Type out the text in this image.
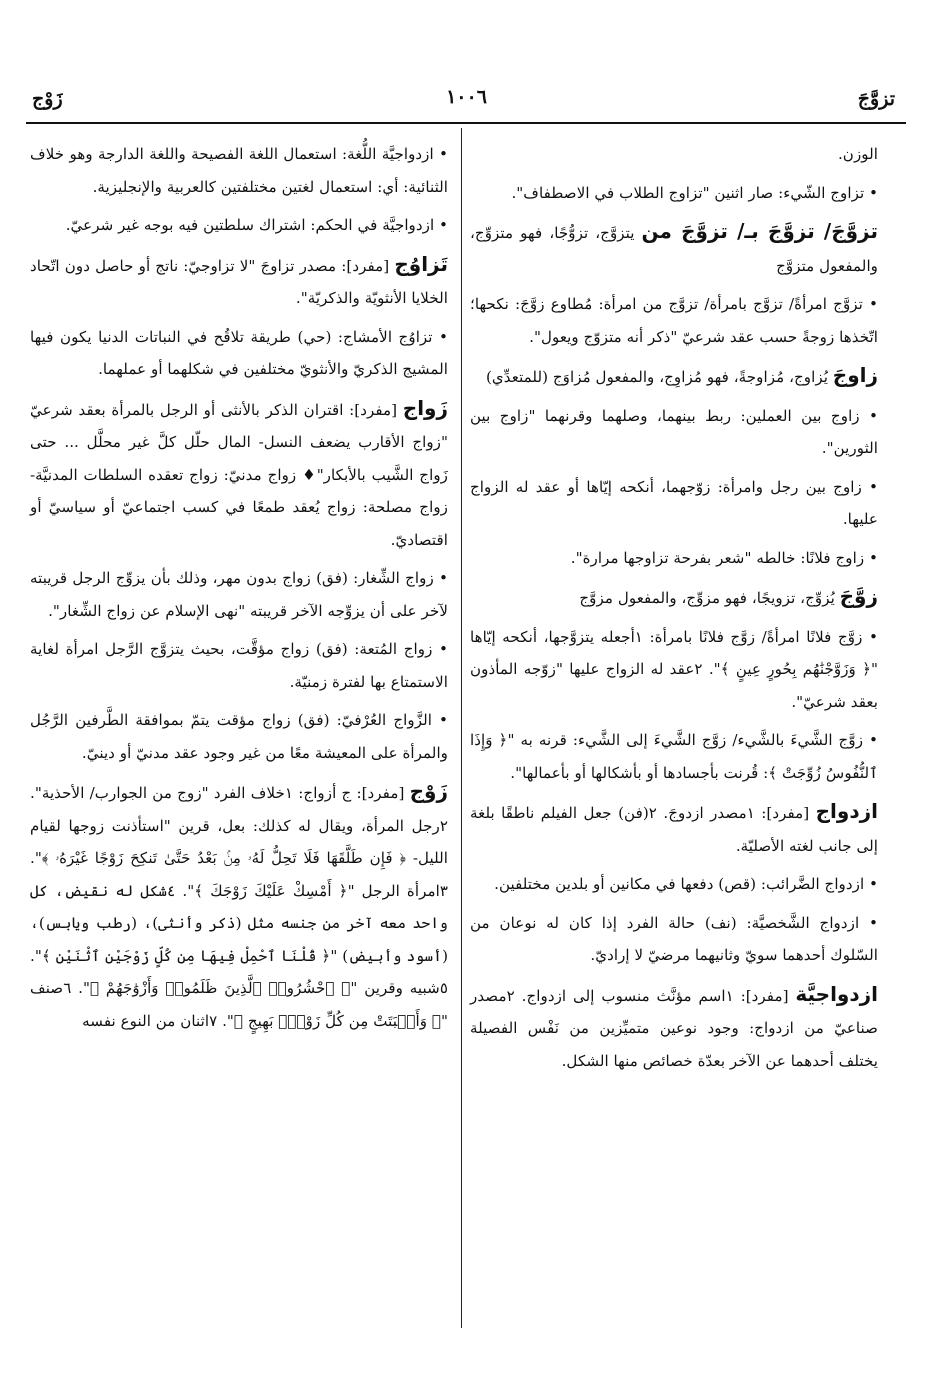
تزوَّجَ
١٠٠٦
زَوْج

الوزن.

• تزاوج الشّيء: صار اثنين "تزاوج الطلاب في الاصطفاف".

تزوَّجَ/ تزوَّجَ بـ/ تزوَّجَ من يتزوَّج، تزوُّجًا، فهو متزوِّج، والمفعول متزوَّج

• تزوَّج امرأةً/ تزوَّج بامرأة/ تزوَّج من امرأة: مُطاوع زوَّجَ: نكحها؛ اتّخذها زوجةً حسب عقد شرعيّ "ذكر أنه متزوّج ويعول".

زاوجَ يُزاوج، مُزاوجةً، فهو مُزاوِج، والمفعول مُزاوَج (للمتعدِّي)

• زاوج بين العملين: ربط بينهما، وصلهما وقرنهما "زاوج بين الثورين".

• زاوج بين رجل وامرأة: زوّجهما، أنكحه إيّاها أو عقد له الزواج عليها.

• زاوج فلانًا: خالطه "شعر بفرحة تزاوجها مرارة".

زوَّجَ يُزوِّج، تزويجًا، فهو مزوِّج، والمفعول مزوَّج

• زوَّج فلانًا امرأةً/ زوَّج فلانًا بامرأة: ١أجعله يتزوَّجها، أنكحه إيّاها "﴿ وَزَوَّجْنَٰهُم بِحُورٍ عِينٍ ﴾". ٢عقد له الزواج عليها "زوّجه المأذون بعقد شرعيّ".

• زوَّج الشَّيءَ بالشَّيء/ زوَّج الشَّيءَ إلى الشَّيء: قرنه به "﴿ وَإِذَا ٱلنُّفُوسُ زُوِّجَتْ ﴾: قُرنت بأجسادها أو بأشكالها أو بأعمالها".

ازدواج [مفرد]: ١مصدر ازدوجَ. ٢(فن) جعل الفيلم ناطقًا بلغة إلى جانب لغته الأصليّة.

• ازدواج الضَّرائب: (قص) دفعها في مكانين أو بلدين مختلفين.

• ازدواج الشَّخصيَّة: (نف) حالة الفرد إذا كان له نوعان من السّلوك أحدهما سويّ وثانيهما مرضيّ لا إراديّ.

ازدواجيَّة [مفرد]: ١اسم مؤنَّث منسوب إلى ازدواج. ٢مصدر صناعيّ من ازدواج: وجود نوعين متميِّزين من نَفْس الفصيلة يختلف أحدهما عن الآخر بعدّة خصائص منها الشكل.

• ازدواجيَّة اللُّغة: استعمال اللغة الفصيحة واللغة الدارجة وهو خلاف الثنائية: أي: استعمال لغتين مختلفتين كالعربية والإنجليزية.

• ازدواجيَّة في الحكم: اشتراك سلطتين فيه بوجه غير شرعيّ.

تَزاوُج [مفرد]: مصدر تزاوجَ "لا تزاوجيّ: ناتج أو حاصل دون اتّحاد الخلايا الأنثويّة والذكريّة".

• تزاوُج الأمشاج: (حي) طريقة تلاقُح في النباتات الدنيا يكون فيها المشيج الذكريّ والأنثويّ مختلفين في شكلهما أو عملهما.

زَواج [مفرد]: اقتران الذكر بالأنثى أو الرجل بالمرأة بعقد شرعيّ "زواج الأقارب يضعف النسل- المال حلّل كلَّ غير محلَّل ... حتى زَواج الشَّيب بالأبكار"♦ زواج مدنيّ: زواج تعقده السلطات المدنيَّة- زواج مصلحة: زواج يُعقد طمعًا في كسب اجتماعيّ أو سياسيّ أو اقتصاديّ.

• زواج الشِّغار: (فق) زواج بدون مهر، وذلك بأن يزوِّج الرجل قريبته لآخر على أن يزوِّجه الآخر قريبته "نهى الإسلام عن زواج الشِّغار".

• زواج المُتعة: (فق) زواج مؤقَّت، بحيث يتزوَّج الرَّجل امرأة لغاية الاستمتاع بها لفترة زمنيّة.

• الزَّواج العُرْفيّ: (فق) زواج مؤقت يتمّ بموافقة الطَّرفين الرَّجُل والمرأة على المعيشة معًا من غير وجود عقد مدنيّ أو دينيّ.

زَوْج [مفرد]: ج أزواج: ١خلاف الفرد "زوج من الجوارب/ الأحذية". ٢رجل المرأة، ويقال له كذلك: بعل، قرين "استأذنت زوجها لقيام الليل- ﴿ فَإِن طَلَّقَهَا فَلَا تَحِلُّ لَهُۥ مِنۢ بَعْدُ حَتَّىٰ تَنكِحَ زَوْجًا غَيْرَهُۥ ﴾". ٣امرأة الرجل "﴿ أَمْسِكْ عَلَيْكَ زَوْجَكَ ﴾". ٤شكل له نقيض، كل واحد معه آخر من جنسه مثل (ذكر وأنثى)، (رطب ويابس)، (أسود وأبيض) "﴿ قُلْنَا ٱحْمِلْ فِيهَا مِن كُلٍّ زَوْجَيْنِ ٱثْنَيْنِ ﴾". ٥شبيه وقرين "﴿ ٱحْشُرُوا۟ ٱلَّذِينَ ظَلَمُوا۟ وَأَزْوَٰجَهُمْ ﴾". ٦صنف "﴿ وَأَنۢبَتَتْ مِن كُلِّ زَوْجٍۭ بَهِيجٍ ﴾". ٧اثنان من النوع نفسه
